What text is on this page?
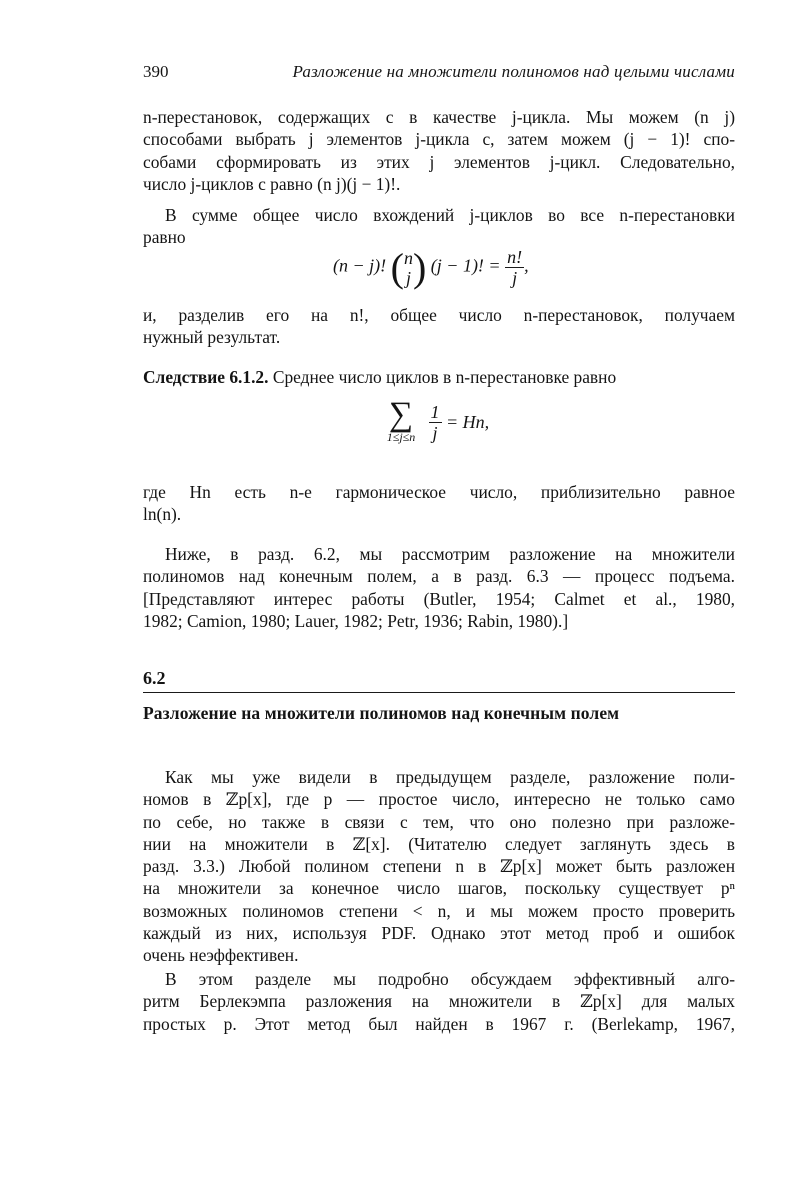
390	Разложение на множители полиномов над целыми числами
n-перестановок, содержащих c в качестве j-цикла. Мы можем (n j)
способами выбрать j элементов j-цикла c, затем можем (j − 1)! спо-
собами сформировать из этих j элементов j-цикл. Следовательно,
число j-циклов c равно (n j)(j − 1)!.
В сумме общее число вхождений j-циклов во все n-перестановки
равно
(n − j)! ( n
j ) (j − 1)! = $\frac{n!}{j}$ ,
и, разделив его на n!, общее число n-перестановок, получаем
нужный результат.
Следствие 6.1.2. Среднее число циклов в n-перестановке равно
∑
1≤j≤n
$\frac{1}{j} = Hn$,
где Hn есть n-е гармоническое число, приблизительно равное
ln(n).
Ниже, в разд. 6.2, мы рассмотрим разложение на множители
полиномов над конечным полем, а в разд. 6.3 — процесс подъема.
[Представляют интерес работы (Butler, 1954; Calmet et al., 1980,
1982; Camion, 1980; Lauer, 1982; Petr, 1936; Rabin, 1980).]
6.2
Разложение на множители полиномов над конечным полем
Как мы уже видели в предыдущем разделе, разложение поли-
номов в ℤp[x], где p — простое число, интересно не только само
по себе, но также в связи с тем, что оно полезно при разложе-
нии на множители в ℤ[x]. (Читателю следует заглянуть здесь в
разд. 3.3.) Любой полином степени n в ℤp[x] может быть разложен
на множители за конечное число шагов, поскольку существует pⁿ
возможных полиномов степени < n, и мы можем просто проверить
каждый из них, используя PDF. Однако этот метод проб и ошибок
очень неэффективен.
В этом разделе мы подробно обсуждаем эффективный алго-
ритм Берлекэмпа разложения на множители в ℤp[x] для малых
простых p. Этот метод был найден в 1967 г. (Berlekamp, 1967,
